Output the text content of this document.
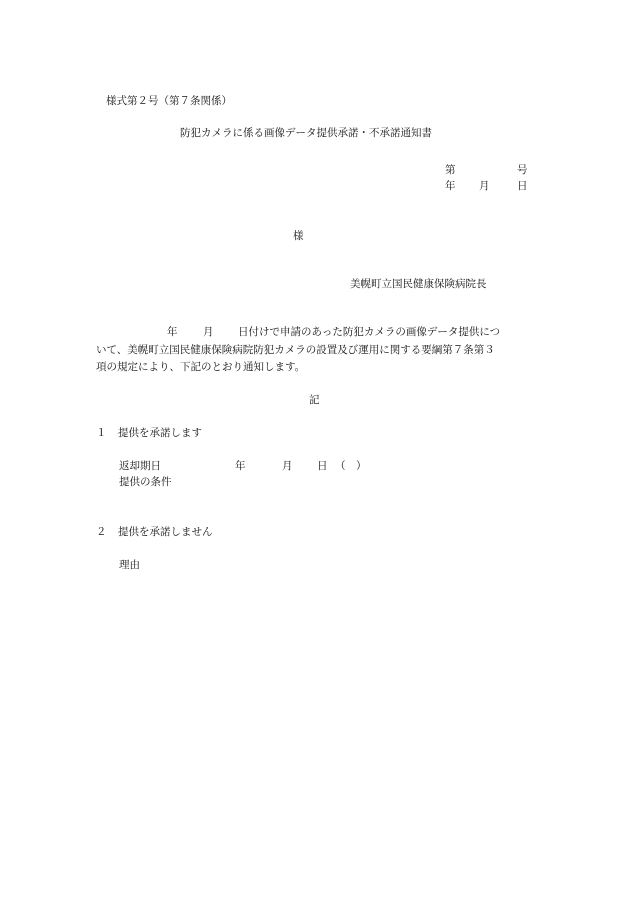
様式第２号（第７条関係）
防犯カメラに係る画像データ提供承諾・不承諾通知書
第	号
年 月	日
様
美幌町立国民健康保険病院長
年 月 日付けで申請のあった防犯カメラの画像データ提供につ
いて、美幌町立国民健康保険病院防犯カメラの設置及び運用に関する要綱第７条第３
項の規定により、下記のとおり通知します。
記
１ 提供を承諾します
返却期日	年	月 日 （　）
提供の条件
２ 提供を承諾しません
理由
